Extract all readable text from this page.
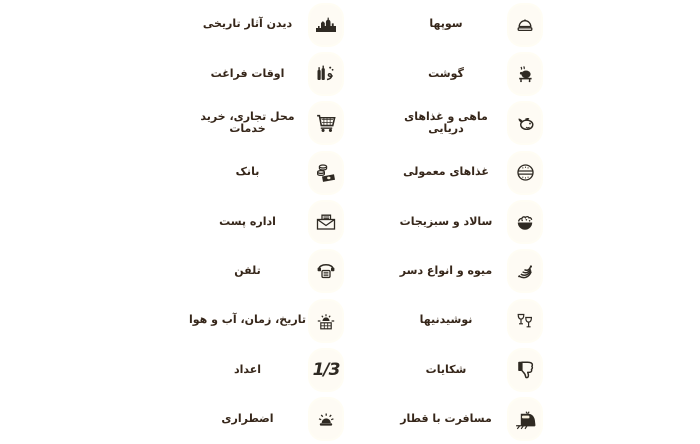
دیدن آثار تاریخی
اوقات فراغت
محل تجاری، خرید خدمات
بانک
اداره پست
تلفن
تاریخ، زمان، آب و هوا
اعداد	1/3
اضطراری
سوپها
گوشت
ماهی و غذاهای دریایی
غذاهای معمولی
سالاد و سبزیجات
میوه و انواع دسر
نوشیدنیها
شکایات
مسافرت با قطار
